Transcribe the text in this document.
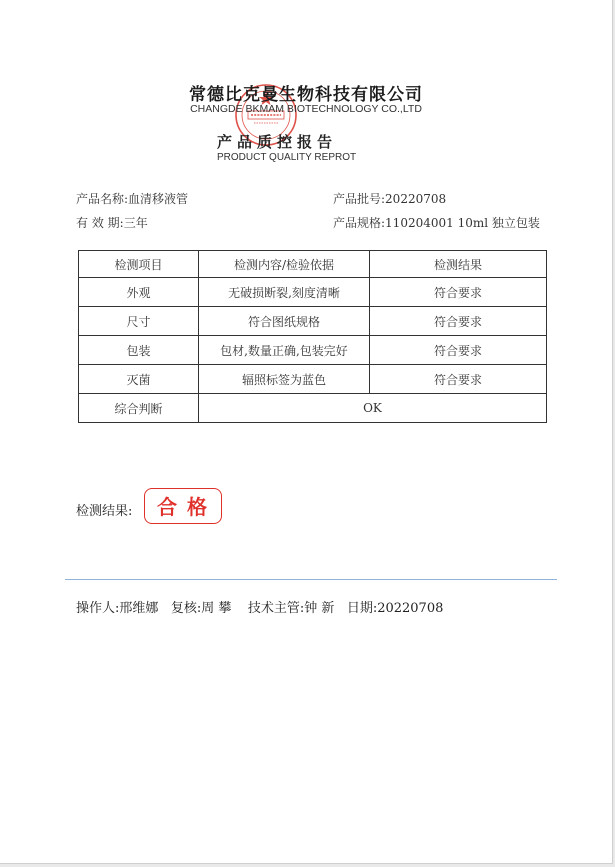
常德比克曼生物科技有限公司
CHANGDE BKMAM BIOTECHNOLOGY CO.,LTD
产品质控报告
PRODUCT QUALITY REPROT
产品名称:血清移液管	产品批号:20220708
有 效 期:三年	产品规格:110204001 10ml 独立包装
检测项目	检测内容/检验依据	检测结果
外观	无破损断裂,刻度清晰	符合要求
尺寸	符合图纸规格	符合要求
包装	包材,数量正确,包装完好	符合要求
灭菌	辐照标签为蓝色	符合要求
综合判断	OK	
检测结果:	合格
操作人:邢维娜 复核:周 攀 技术主管:钟 新 日期:20220708
